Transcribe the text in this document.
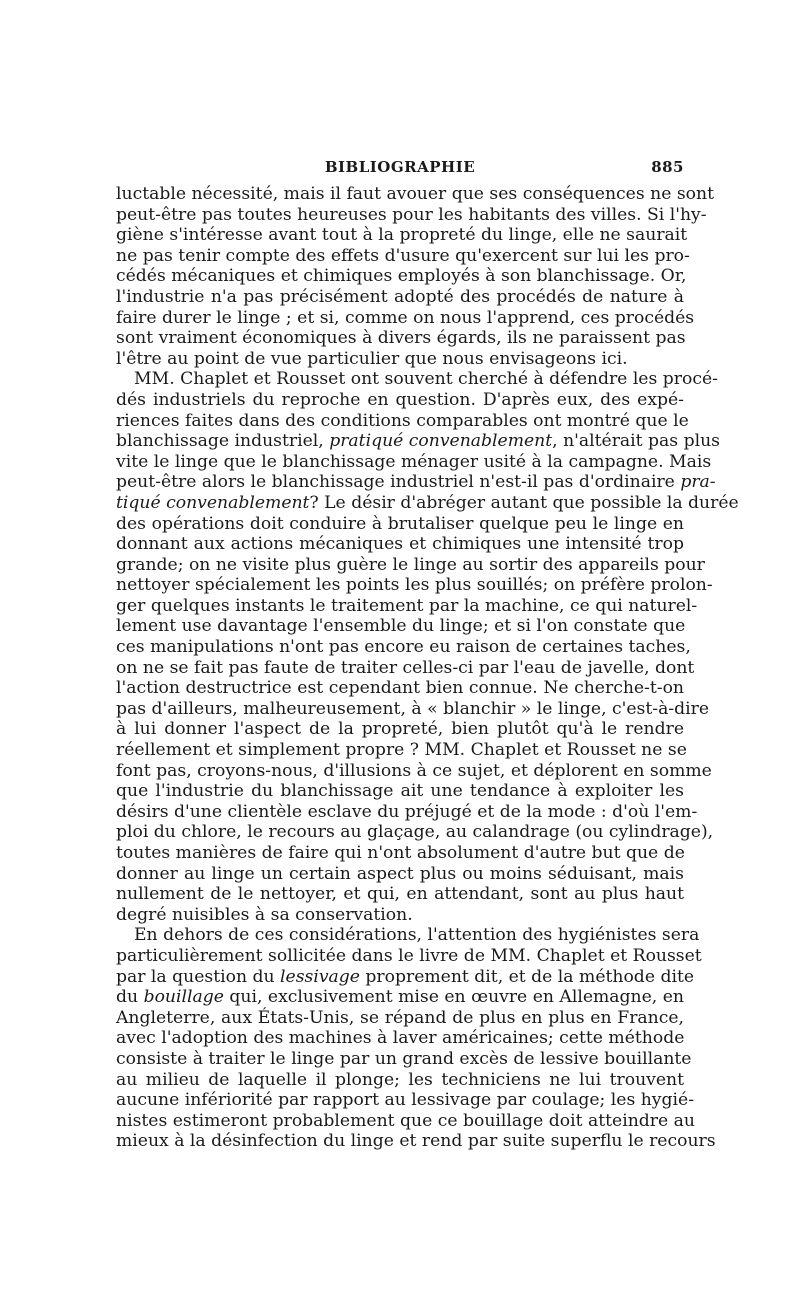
BIBLIOGRAPHIE	885
luctable nécessité, mais il faut avouer que ses conséquences ne sont
peut-être pas toutes heureuses pour les habitants des villes. Si l'hy-
giène s'intéresse avant tout à la propreté du linge, elle ne saurait
ne pas tenir compte des effets d'usure qu'exercent sur lui les pro-
cédés mécaniques et chimiques employés à son blanchissage. Or,
l'industrie n'a pas précisément adopté des procédés de nature à
faire durer le linge ; et si, comme on nous l'apprend, ces procédés
sont vraiment économiques à divers égards, ils ne paraissent pas
l'être au point de vue particulier que nous envisageons ici.
MM. Chaplet et Rousset ont souvent cherché à défendre les procé-
dés industriels du reproche en question. D'après eux, des expé-
riences faites dans des conditions comparables ont montré que le
blanchissage industriel, pratiqué convenablement, n'altérait pas plus
vite le linge que le blanchissage ménager usité à la campagne. Mais
peut-être alors le blanchissage industriel n'est-il pas d'ordinaire pra-
tiqué convenablement? Le désir d'abréger autant que possible la durée
des opérations doit conduire à brutaliser quelque peu le linge en
donnant aux actions mécaniques et chimiques une intensité trop
grande; on ne visite plus guère le linge au sortir des appareils pour
nettoyer spécialement les points les plus souillés; on préfère prolon-
ger quelques instants le traitement par la machine, ce qui naturel-
lement use davantage l'ensemble du linge; et si l'on constate que
ces manipulations n'ont pas encore eu raison de certaines taches,
on ne se fait pas faute de traiter celles-ci par l'eau de javelle, dont
l'action destructrice est cependant bien connue. Ne cherche-t-on
pas d'ailleurs, malheureusement, à « blanchir » le linge, c'est-à-dire
à lui donner l'aspect de la propreté, bien plutôt qu'à le rendre
réellement et simplement propre ? MM. Chaplet et Rousset ne se
font pas, croyons-nous, d'illusions à ce sujet, et déplorent en somme
que l'industrie du blanchissage ait une tendance à exploiter les
désirs d'une clientèle esclave du préjugé et de la mode : d'où l'em-
ploi du chlore, le recours au glaçage, au calandrage (ou cylindrage),
toutes manières de faire qui n'ont absolument d'autre but que de
donner au linge un certain aspect plus ou moins séduisant, mais
nullement de le nettoyer, et qui, en attendant, sont au plus haut
degré nuisibles à sa conservation.
En dehors de ces considérations, l'attention des hygiénistes sera
particulièrement sollicitée dans le livre de MM. Chaplet et Rousset
par la question du lessivage proprement dit, et de la méthode dite
du bouillage qui, exclusivement mise en œuvre en Allemagne, en
Angleterre, aux États-Unis, se répand de plus en plus en France,
avec l'adoption des machines à laver américaines; cette méthode
consiste à traiter le linge par un grand excès de lessive bouillante
au milieu de laquelle il plonge; les techniciens ne lui trouvent
aucune infériorité par rapport au lessivage par coulage; les hygié-
nistes estimeront probablement que ce bouillage doit atteindre au
mieux à la désinfection du linge et rend par suite superflu le recours
